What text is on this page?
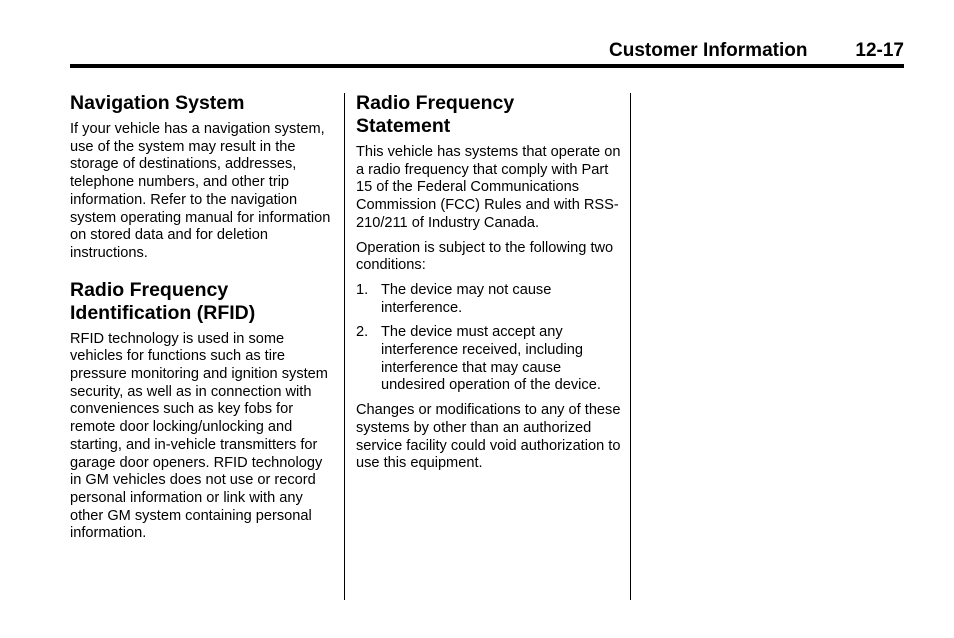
Customer Information	12-17
Navigation System

If your vehicle has a navigation system, use of the system may result in the storage of destinations, addresses, telephone numbers, and other trip information. Refer to the navigation system operating manual for information on stored data and for deletion instructions.

Radio Frequency
Identification (RFID)

RFID technology is used in some vehicles for functions such as tire pressure monitoring and ignition system security, as well as in connection with conveniences such as key fobs for remote door locking/unlocking and starting, and in-vehicle transmitters for garage door openers. RFID technology in GM vehicles does not use or record personal information or link with any other GM system containing personal information.

Radio Frequency
Statement

This vehicle has systems that operate on a radio frequency that comply with Part 15 of the Federal Communications Commission (FCC) Rules and with RSS-210/211 of Industry Canada.

Operation is subject to the following two conditions:

1. The device may not cause interference.
2. The device must accept any interference received, including interference that may cause undesired operation of the device.

Changes or modifications to any of these systems by other than an authorized service facility could void authorization to use this equipment.
